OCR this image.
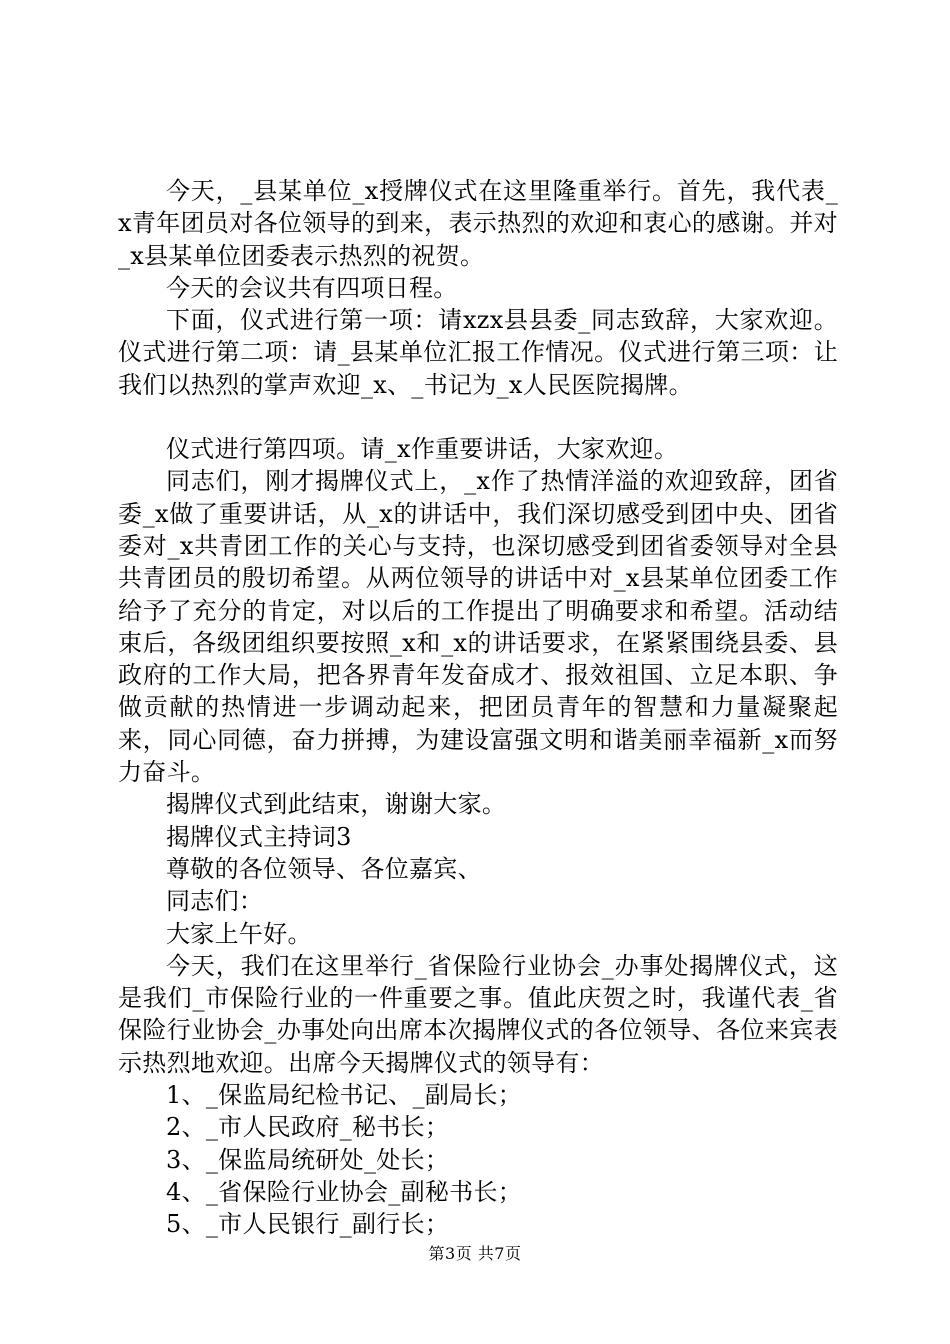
今天，_县某单位_x授牌仪式在这里隆重举行。首先，我代表_x青年团员对各位领导的到来，表示热烈的欢迎和衷心的感谢。并对_x县某单位团委表示热烈的祝贺。

今天的会议共有四项日程。

下面，仪式进行第一项：请xzx县县委_同志致辞，大家欢迎。仪式进行第二项：请_县某单位汇报工作情况。仪式进行第三项：让我们以热烈的掌声欢迎_x、_书记为_x人民医院揭牌。

仪式进行第四项。请_x作重要讲话，大家欢迎。

同志们，刚才揭牌仪式上，_x作了热情洋溢的欢迎致辞，团省委_x做了重要讲话，从_x的讲话中，我们深切感受到团中央、团省委对_x共青团工作的关心与支持，也深切感受到团省委领导对全县共青团员的殷切希望。从两位领导的讲话中对_x县某单位团委工作给予了充分的肯定，对以后的工作提出了明确要求和希望。活动结束后，各级团组织要按照_x和_x的讲话要求，在紧紧围绕县委、县政府的工作大局，把各界青年发奋成才、报效祖国、立足本职、争做贡献的热情进一步调动起来，把团员青年的智慧和力量凝聚起来，同心同德，奋力拼搏，为建设富强文明和谐美丽幸福新_x而努力奋斗。

揭牌仪式到此结束，谢谢大家。

揭牌仪式主持词3

尊敬的各位领导、各位嘉宾、

同志们：

大家上午好。

今天，我们在这里举行_省保险行业协会_办事处揭牌仪式，这是我们_市保险行业的一件重要之事。值此庆贺之时，我谨代表_省保险行业协会_办事处向出席本次揭牌仪式的各位领导、各位来宾表示热烈地欢迎。出席今天揭牌仪式的领导有：

1、_保监局纪检书记、_副局长；

2、_市人民政府_秘书长；

3、_保监局统研处_处长；

4、_省保险行业协会_副秘书长；

5、_市人民银行_副行长；

第3页 共7页
